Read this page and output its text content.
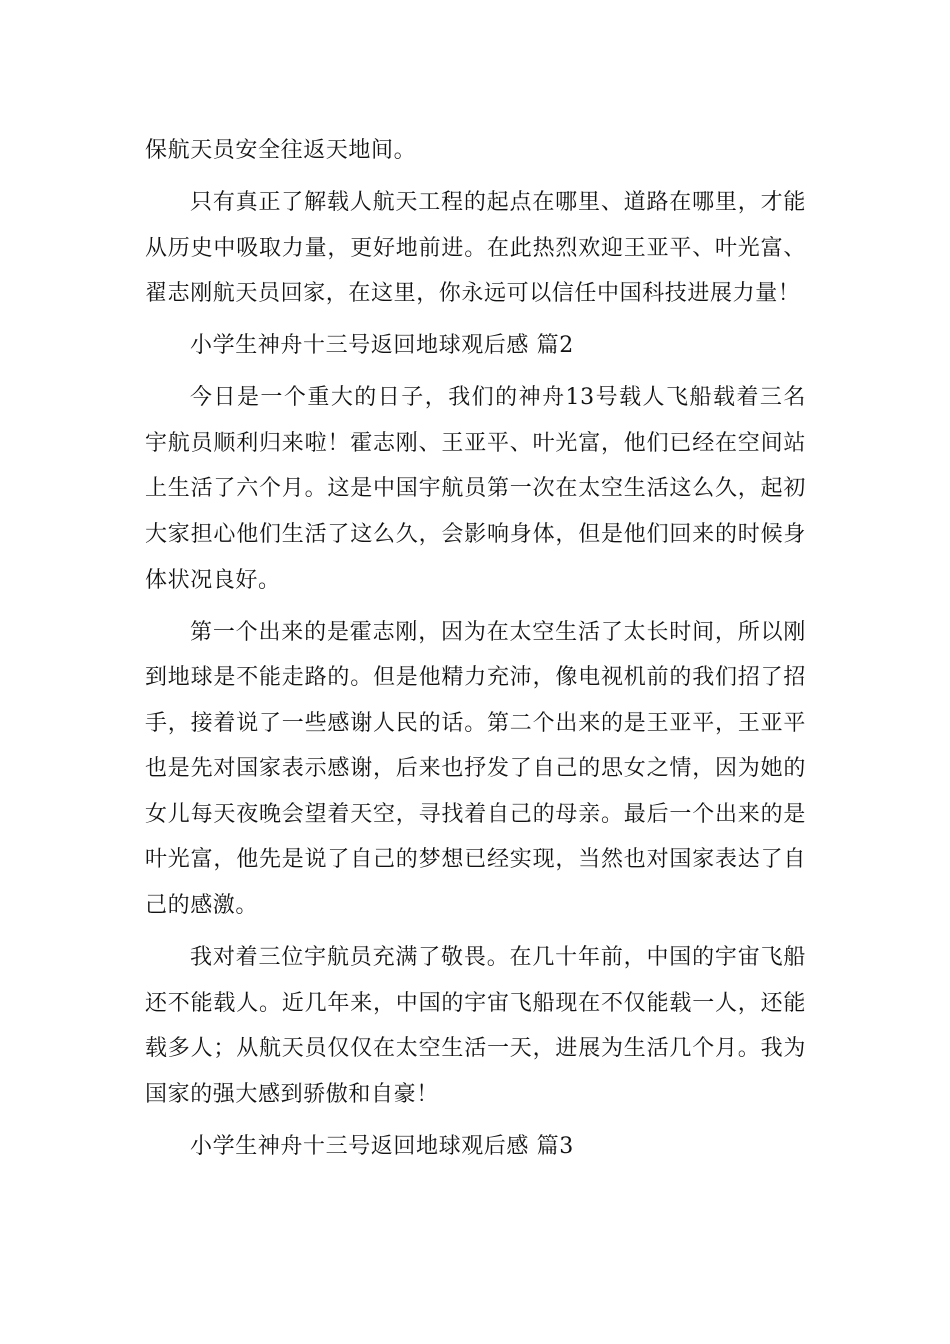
保航天员安全往返天地间。

只有真正了解载人航天工程的起点在哪里、道路在哪里，才能从历史中吸取力量，更好地前进。在此热烈欢迎王亚平、叶光富、翟志刚航天员回家，在这里，你永远可以信任中国科技进展力量！

小学生神舟十三号返回地球观后感 篇2

今日是一个重大的日子，我们的神舟13号载人飞船载着三名宇航员顺利归来啦！霍志刚、王亚平、叶光富，他们已经在空间站上生活了六个月。这是中国宇航员第一次在太空生活这么久，起初大家担心他们生活了这么久，会影响身体，但是他们回来的时候身体状况良好。

第一个出来的是霍志刚，因为在太空生活了太长时间，所以刚到地球是不能走路的。但是他精力充沛，像电视机前的我们招了招手，接着说了一些感谢人民的话。第二个出来的是王亚平，王亚平也是先对国家表示感谢，后来也抒发了自己的思女之情，因为她的女儿每天夜晚会望着天空，寻找着自己的母亲。最后一个出来的是叶光富，他先是说了自己的梦想已经实现，当然也对国家表达了自己的感激。

我对着三位宇航员充满了敬畏。在几十年前，中国的宇宙飞船还不能载人。近几年来，中国的宇宙飞船现在不仅能载一人，还能载多人；从航天员仅仅在太空生活一天，进展为生活几个月。我为国家的强大感到骄傲和自豪！

小学生神舟十三号返回地球观后感 篇3
